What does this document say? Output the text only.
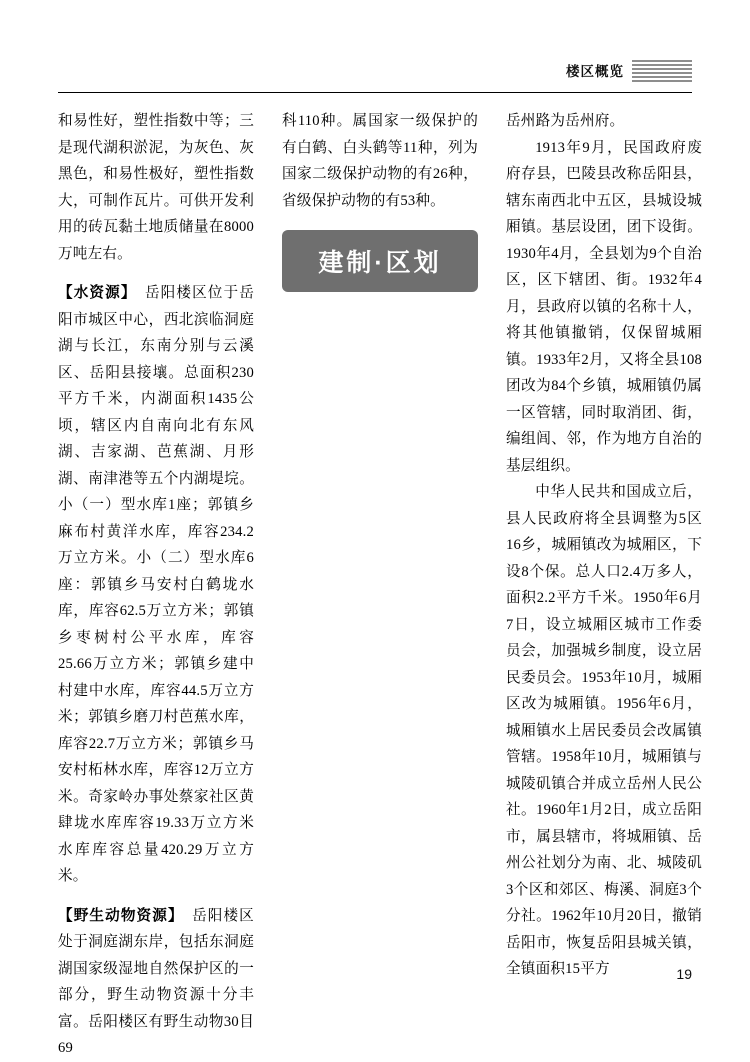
楼区概览

和易性好，塑性指数中等；三是现代湖积淤泥，为灰色、灰黑色，和易性极好，塑性指数大，可制作瓦片。可供开发利用的砖瓦黏土地质储量在8000万吨左右。

【水资源】　岳阳楼区位于岳阳市城区中心，西北滨临洞庭湖与长江，东南分别与云溪区、岳阳县接壤。总面积230平方千米，内湖面积1435公顷，辖区内自南向北有东风湖、吉家湖、芭蕉湖、月形湖、南津港等五个内湖堤垸。小（一）型水库1座；郭镇乡麻布村黄洋水库，库容234.2万立方米。小（二）型水库6座：郭镇乡马安村白鹤垅水库，库容62.5万立方米；郭镇乡枣树村公平水库，库容25.66万立方米；郭镇乡建中村建中水库，库容44.5万立方米；郭镇乡磨刀村芭蕉水库，库容22.7万立方米；郭镇乡马安村柘林水库，库容12万立方米。奇家岭办事处蔡家社区黄肆垅水库库容19.33万立方米水库库容总量420.29万立方米。

【野生动物资源】　岳阳楼区处于洞庭湖东岸，包括东洞庭湖国家级湿地自然保护区的一部分，野生动物资源十分丰富。岳阳楼区有野生动物30目69

科110种。属国家一级保护的有白鹤、白头鹤等11种，列为国家二级保护动物的有26种，省级保护动物的有53种。

建制·区划

岳州路为岳州府。

1913年9月，民国政府废府存县，巴陵县改称岳阳县，辖东南西北中五区，县城设城厢镇。基层设团，团下设街。1930年4月，全县划为9个自治区，区下辖团、街。1932年4月，县政府以镇的名称十人，将其他镇撤销，仅保留城厢镇。1933年2月，又将全县108团改为84个乡镇，城厢镇仍属一区管辖，同时取消团、街，编组闾、邻，作为地方自治的基层组织。

中华人民共和国成立后，县人民政府将全县调整为5区16乡，城厢镇改为城厢区，下设8个保。总人口2.4万多人，面积2.2平方千米。1950年6月7日，设立城厢区城市工作委员会，加强城乡制度，设立居民委员会。1953年10月，城厢区改为城厢镇。1956年6月，城厢镇水上居民委员会改属镇管辖。1958年10月，城厢镇与城陵矶镇合并成立岳州人民公社。1960年1月2日，成立岳阳市，属县辖市，将城厢镇、岳州公社划分为南、北、城陵矶3个区和郊区、梅溪、洞庭3个分社。1962年10月20日，撤销岳阳市，恢复岳阳县城关镇，全镇面积15平方	19
